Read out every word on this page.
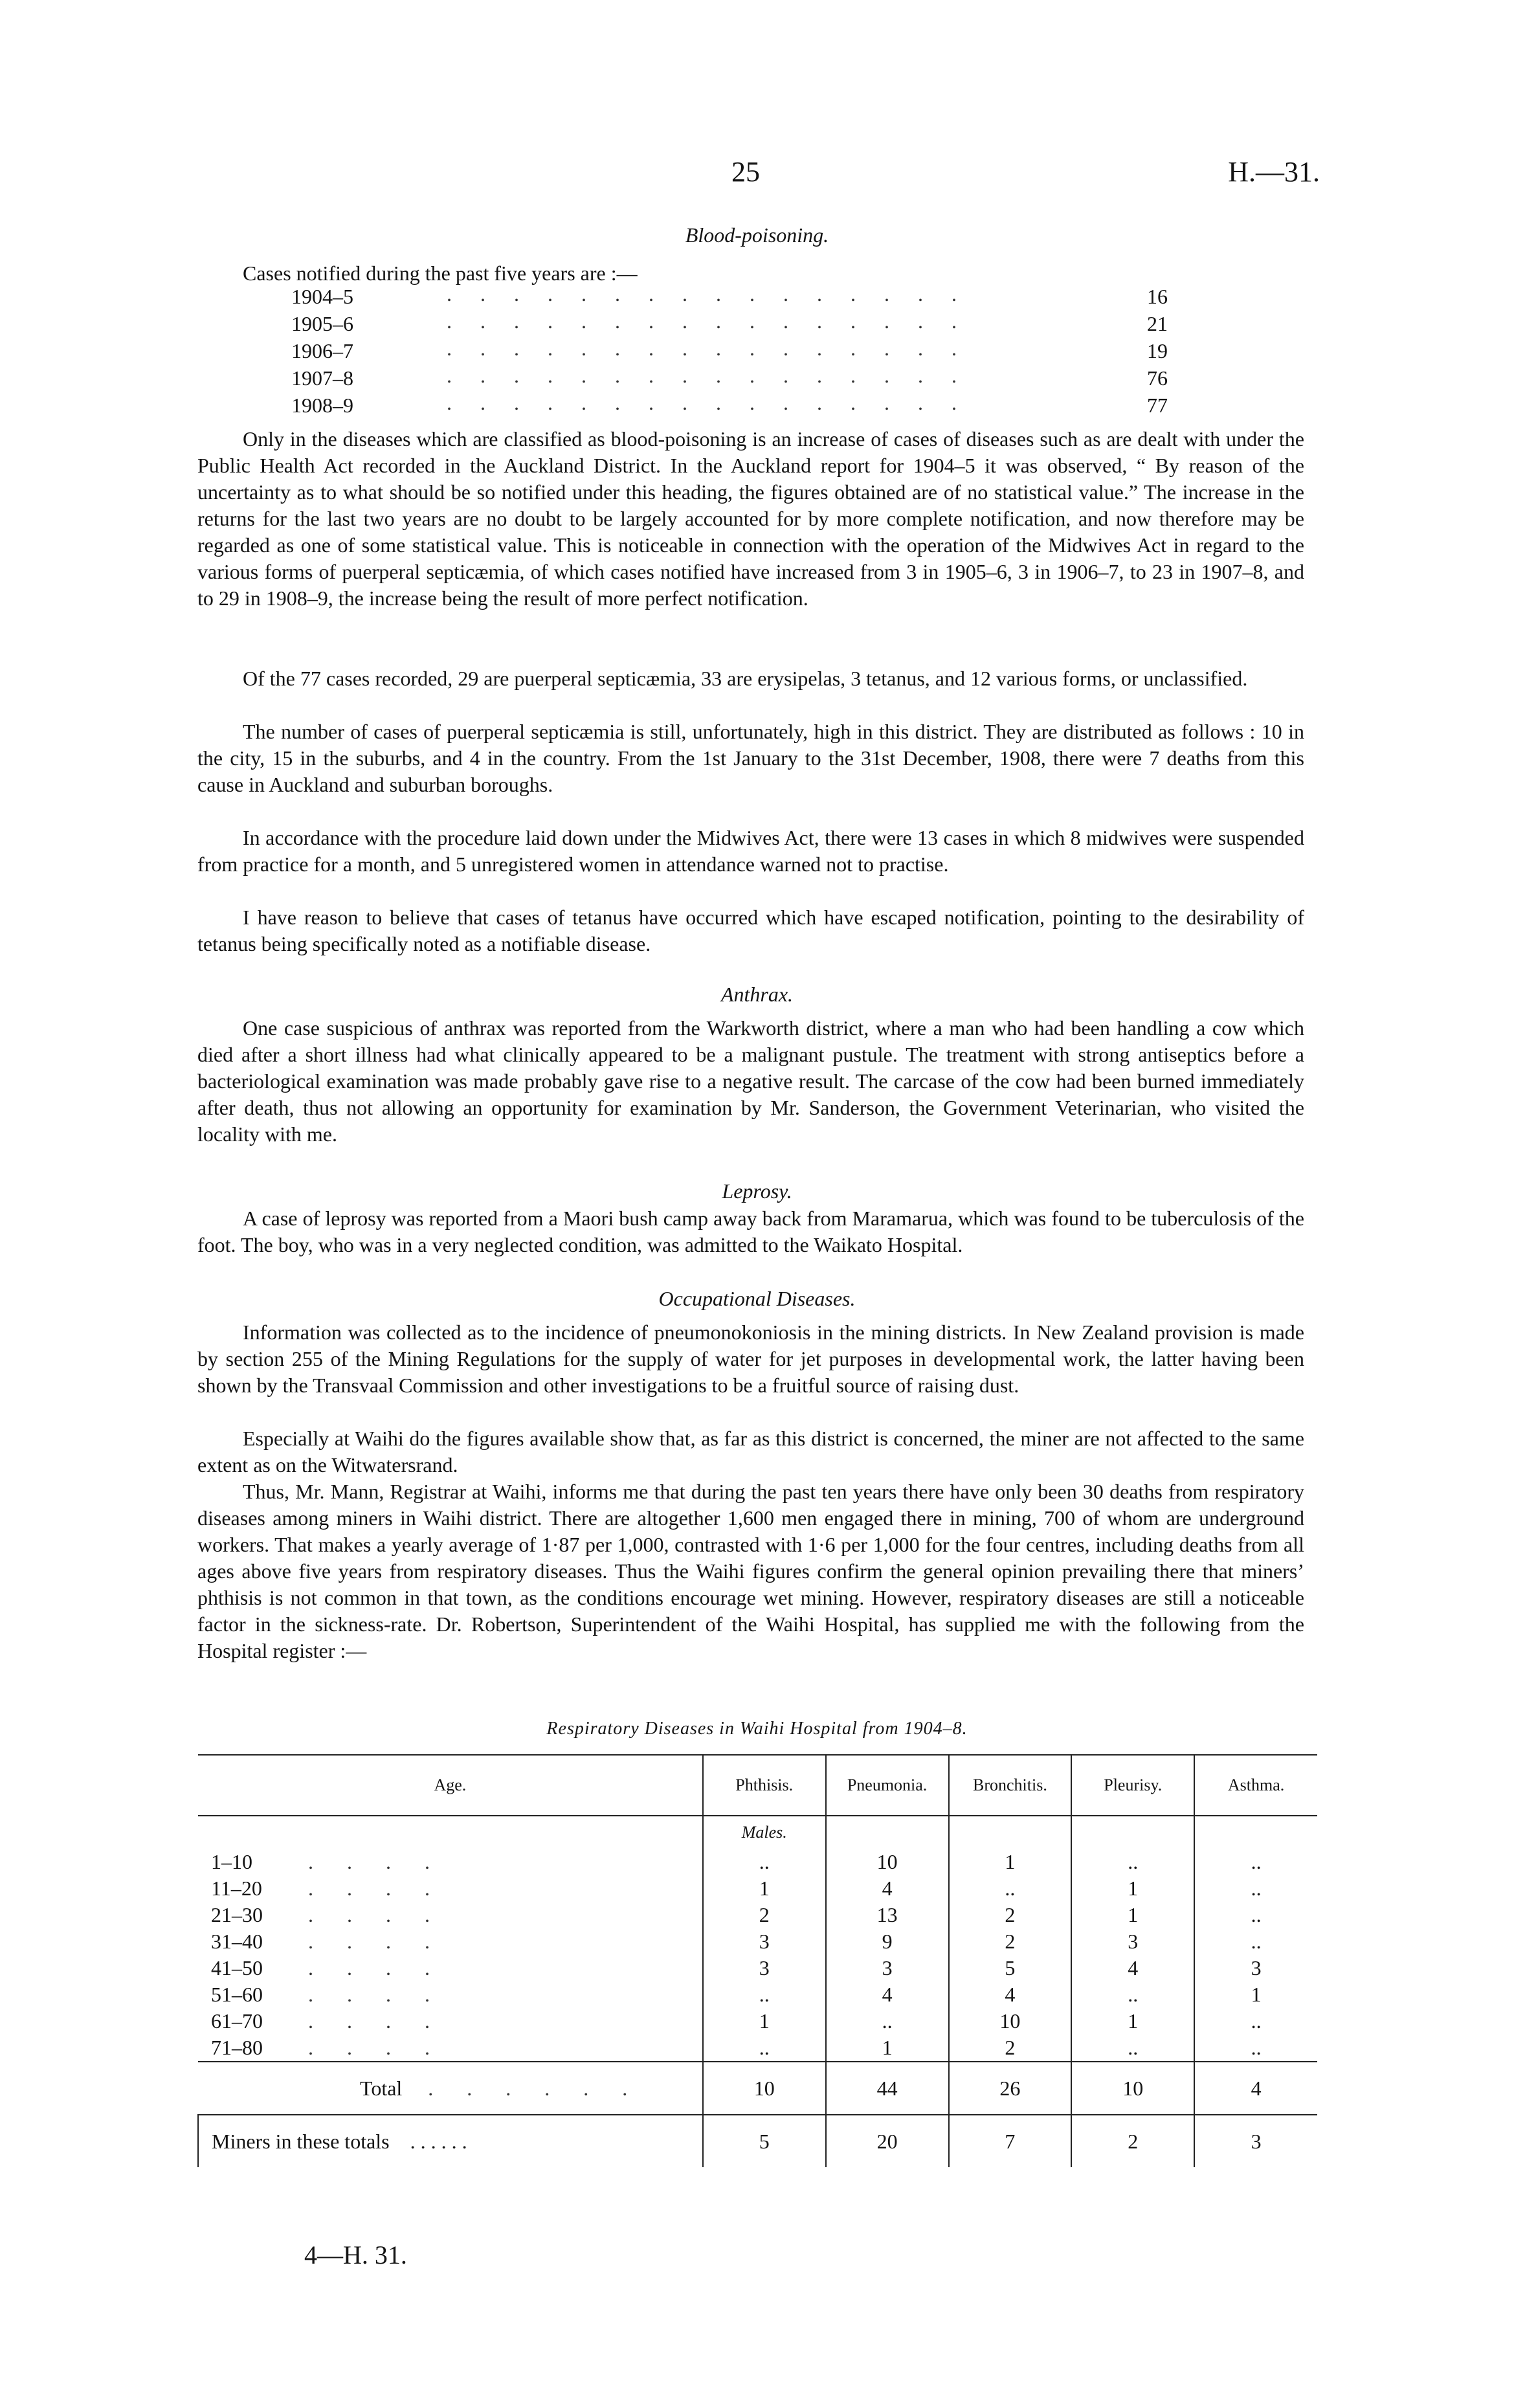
25	H.—31.
Blood-poisoning.
Cases notified during the past five years are :—
1904–5	. . . . . . . . . . . . . . . .	16
1905–6	. . . . . . . . . . . . . . . .	21
1906–7	. . . . . . . . . . . . . . . .	19
1907–8	. . . . . . . . . . . . . . . .	76
1908–9	. . . . . . . . . . . . . . . .	77

Only in the diseases which are classified as blood-poisoning is an increase of cases of diseases such as are dealt with under the Public Health Act recorded in the Auckland District. In the Auckland report for 1904–5 it was observed, “ By reason of the uncertainty as to what should be so notified under this heading, the figures obtained are of no statistical value.” The increase in the returns for the last two years are no doubt to be largely accounted for by more complete notification, and now therefore may be regarded as one of some statistical value. This is noticeable in connection with the operation of the Midwives Act in regard to the various forms of puerperal septicæmia, of which cases notified have increased from 3 in 1905–6, 3 in 1906–7, to 23 in 1907–8, and to 29 in 1908–9, the increase being the result of more perfect notification.

Of the 77 cases recorded, 29 are puerperal septicæmia, 33 are erysipelas, 3 tetanus, and 12 various forms, or unclassified.

The number of cases of puerperal septicæmia is still, unfortunately, high in this district. They are distributed as follows : 10 in the city, 15 in the suburbs, and 4 in the country. From the 1st January to the 31st December, 1908, there were 7 deaths from this cause in Auckland and suburban boroughs.

In accordance with the procedure laid down under the Midwives Act, there were 13 cases in which 8 midwives were suspended from practice for a month, and 5 unregistered women in attendance warned not to practise.

I have reason to believe that cases of tetanus have occurred which have escaped notification, pointing to the desirability of tetanus being specifically noted as a notifiable disease.

Anthrax.

One case suspicious of anthrax was reported from the Warkworth district, where a man who had been handling a cow which died after a short illness had what clinically appeared to be a malignant pustule. The treatment with strong antiseptics before a bacteriological examination was made probably gave rise to a negative result. The carcase of the cow had been burned immediately after death, thus not allowing an opportunity for examination by Mr. Sanderson, the Government Veterinarian, who visited the locality with me.

Leprosy.

A case of leprosy was reported from a Maori bush camp away back from Maramarua, which was found to be tuberculosis of the foot. The boy, who was in a very neglected condition, was admitted to the Waikato Hospital.

Occupational Diseases.

Information was collected as to the incidence of pneumonokoniosis in the mining districts. In New Zealand provision is made by section 255 of the Mining Regulations for the supply of water for jet purposes in developmental work, the latter having been shown by the Transvaal Commission and other investigations to be a fruitful source of raising dust.

Especially at Waihi do the figures available show that, as far as this district is concerned, the miner are not affected to the same extent as on the Witwatersrand.

Thus, Mr. Mann, Registrar at Waihi, informs me that during the past ten years there have only been 30 deaths from respiratory diseases among miners in Waihi district. There are altogether 1,600 men engaged there in mining, 700 of whom are underground workers. That makes a yearly average of 1·87 per 1,000, contrasted with 1·6 per 1,000 for the four centres, including deaths from all ages above five years from respiratory diseases. Thus the Waihi figures confirm the general opinion prevailing there that miners’ phthisis is not common in that town, as the conditions encourage wet mining. However, respiratory diseases are still a noticeable factor in the sickness-rate. Dr. Robertson, Superintendent of the Waihi Hospital, has supplied me with the following from the Hospital register :—

Respiratory Diseases in Waihi Hospital from 1904–8.
Age.	Phthisis.	Pneumonia.	Bronchitis.	Pleurisy.	Asthma.
	Males.				
1–10 . . . .	..	10	1	..	..
11–20 . . . .	1	4	..	1	..
21–30 . . . .	2	13	2	1	..
31–40 . . . .	3	9	2	3	..
41–50 . . . .	3	3	5	4	3
51–60 . . . .	..	4	4	..	1
61–70 . . . .	1	..	10	1	..
71–80 . . . .	..	1	2	..	..
Total . . . . . .	10	44	26	10	4
Miners in these totals . . . . . .	5	20	7	2	3
4—H. 31.
